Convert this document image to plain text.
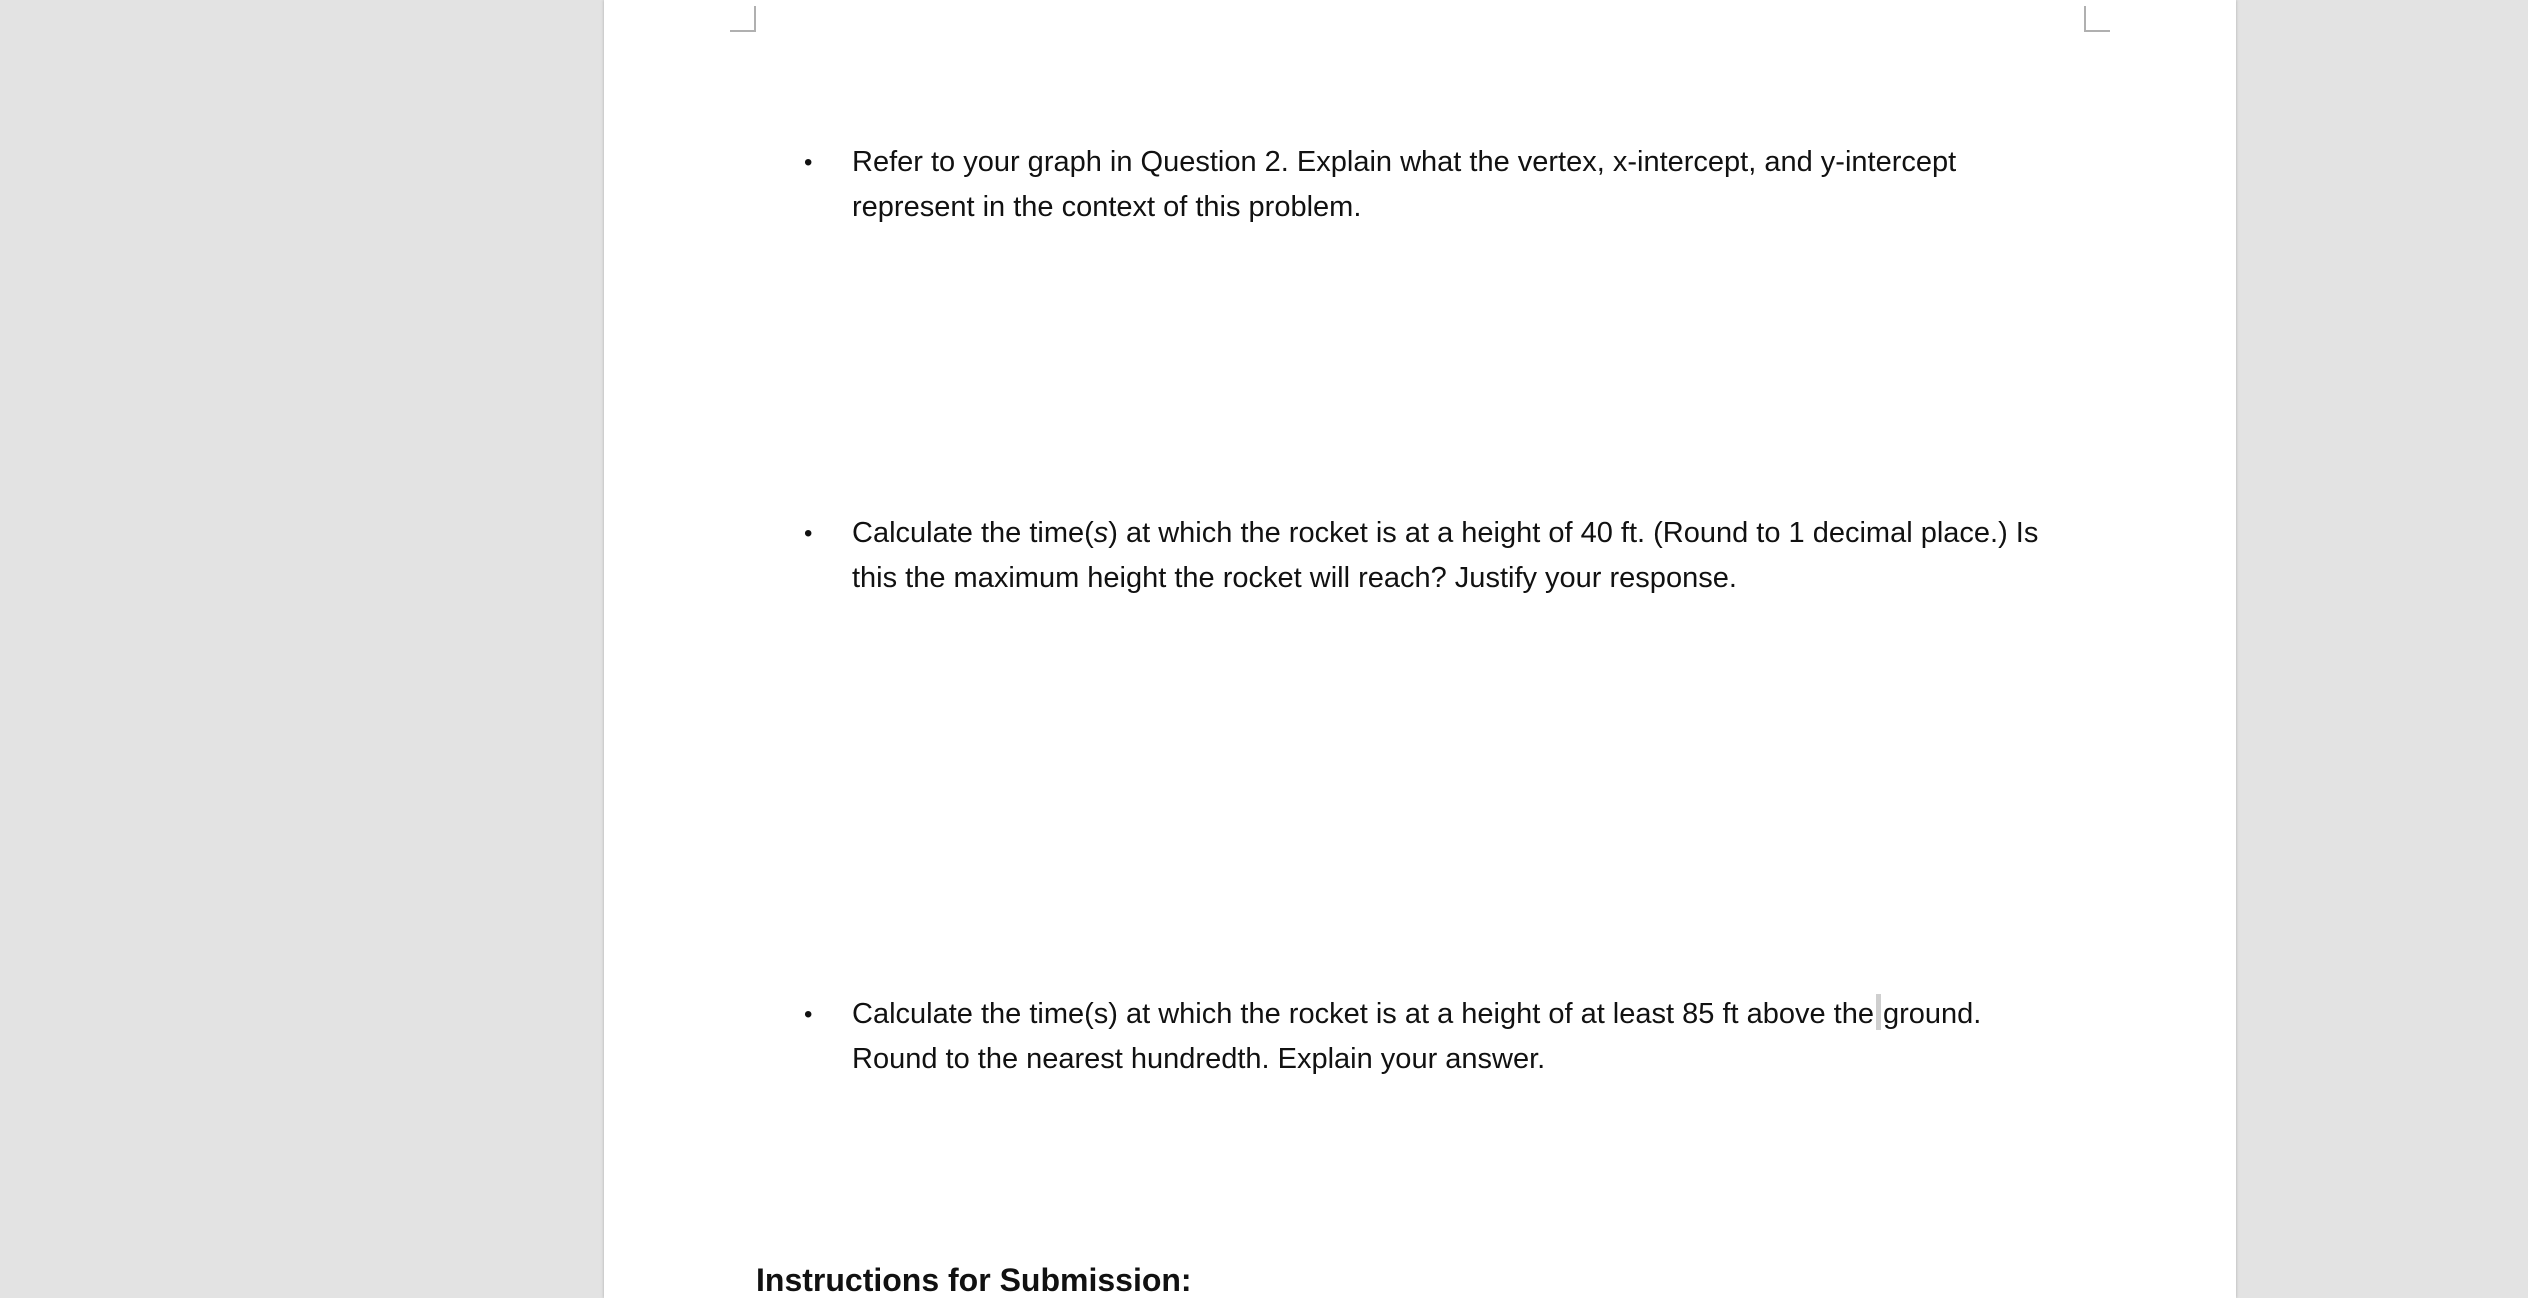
•	Refer to your graph in Question 2. Explain what the vertex, x-intercept, and y-intercept
represent in the context of this problem.
•	Calculate the time(s) at which the rocket is at a height of 40 ft. (Round to 1 decimal place.) Is
this the maximum height the rocket will reach? Justify your response.
•	Calculate the time(s) at which the rocket is at a height of at least 85 ft above the ground.
Round to the nearest hundredth. Explain your answer.
Instructions for Submission:
